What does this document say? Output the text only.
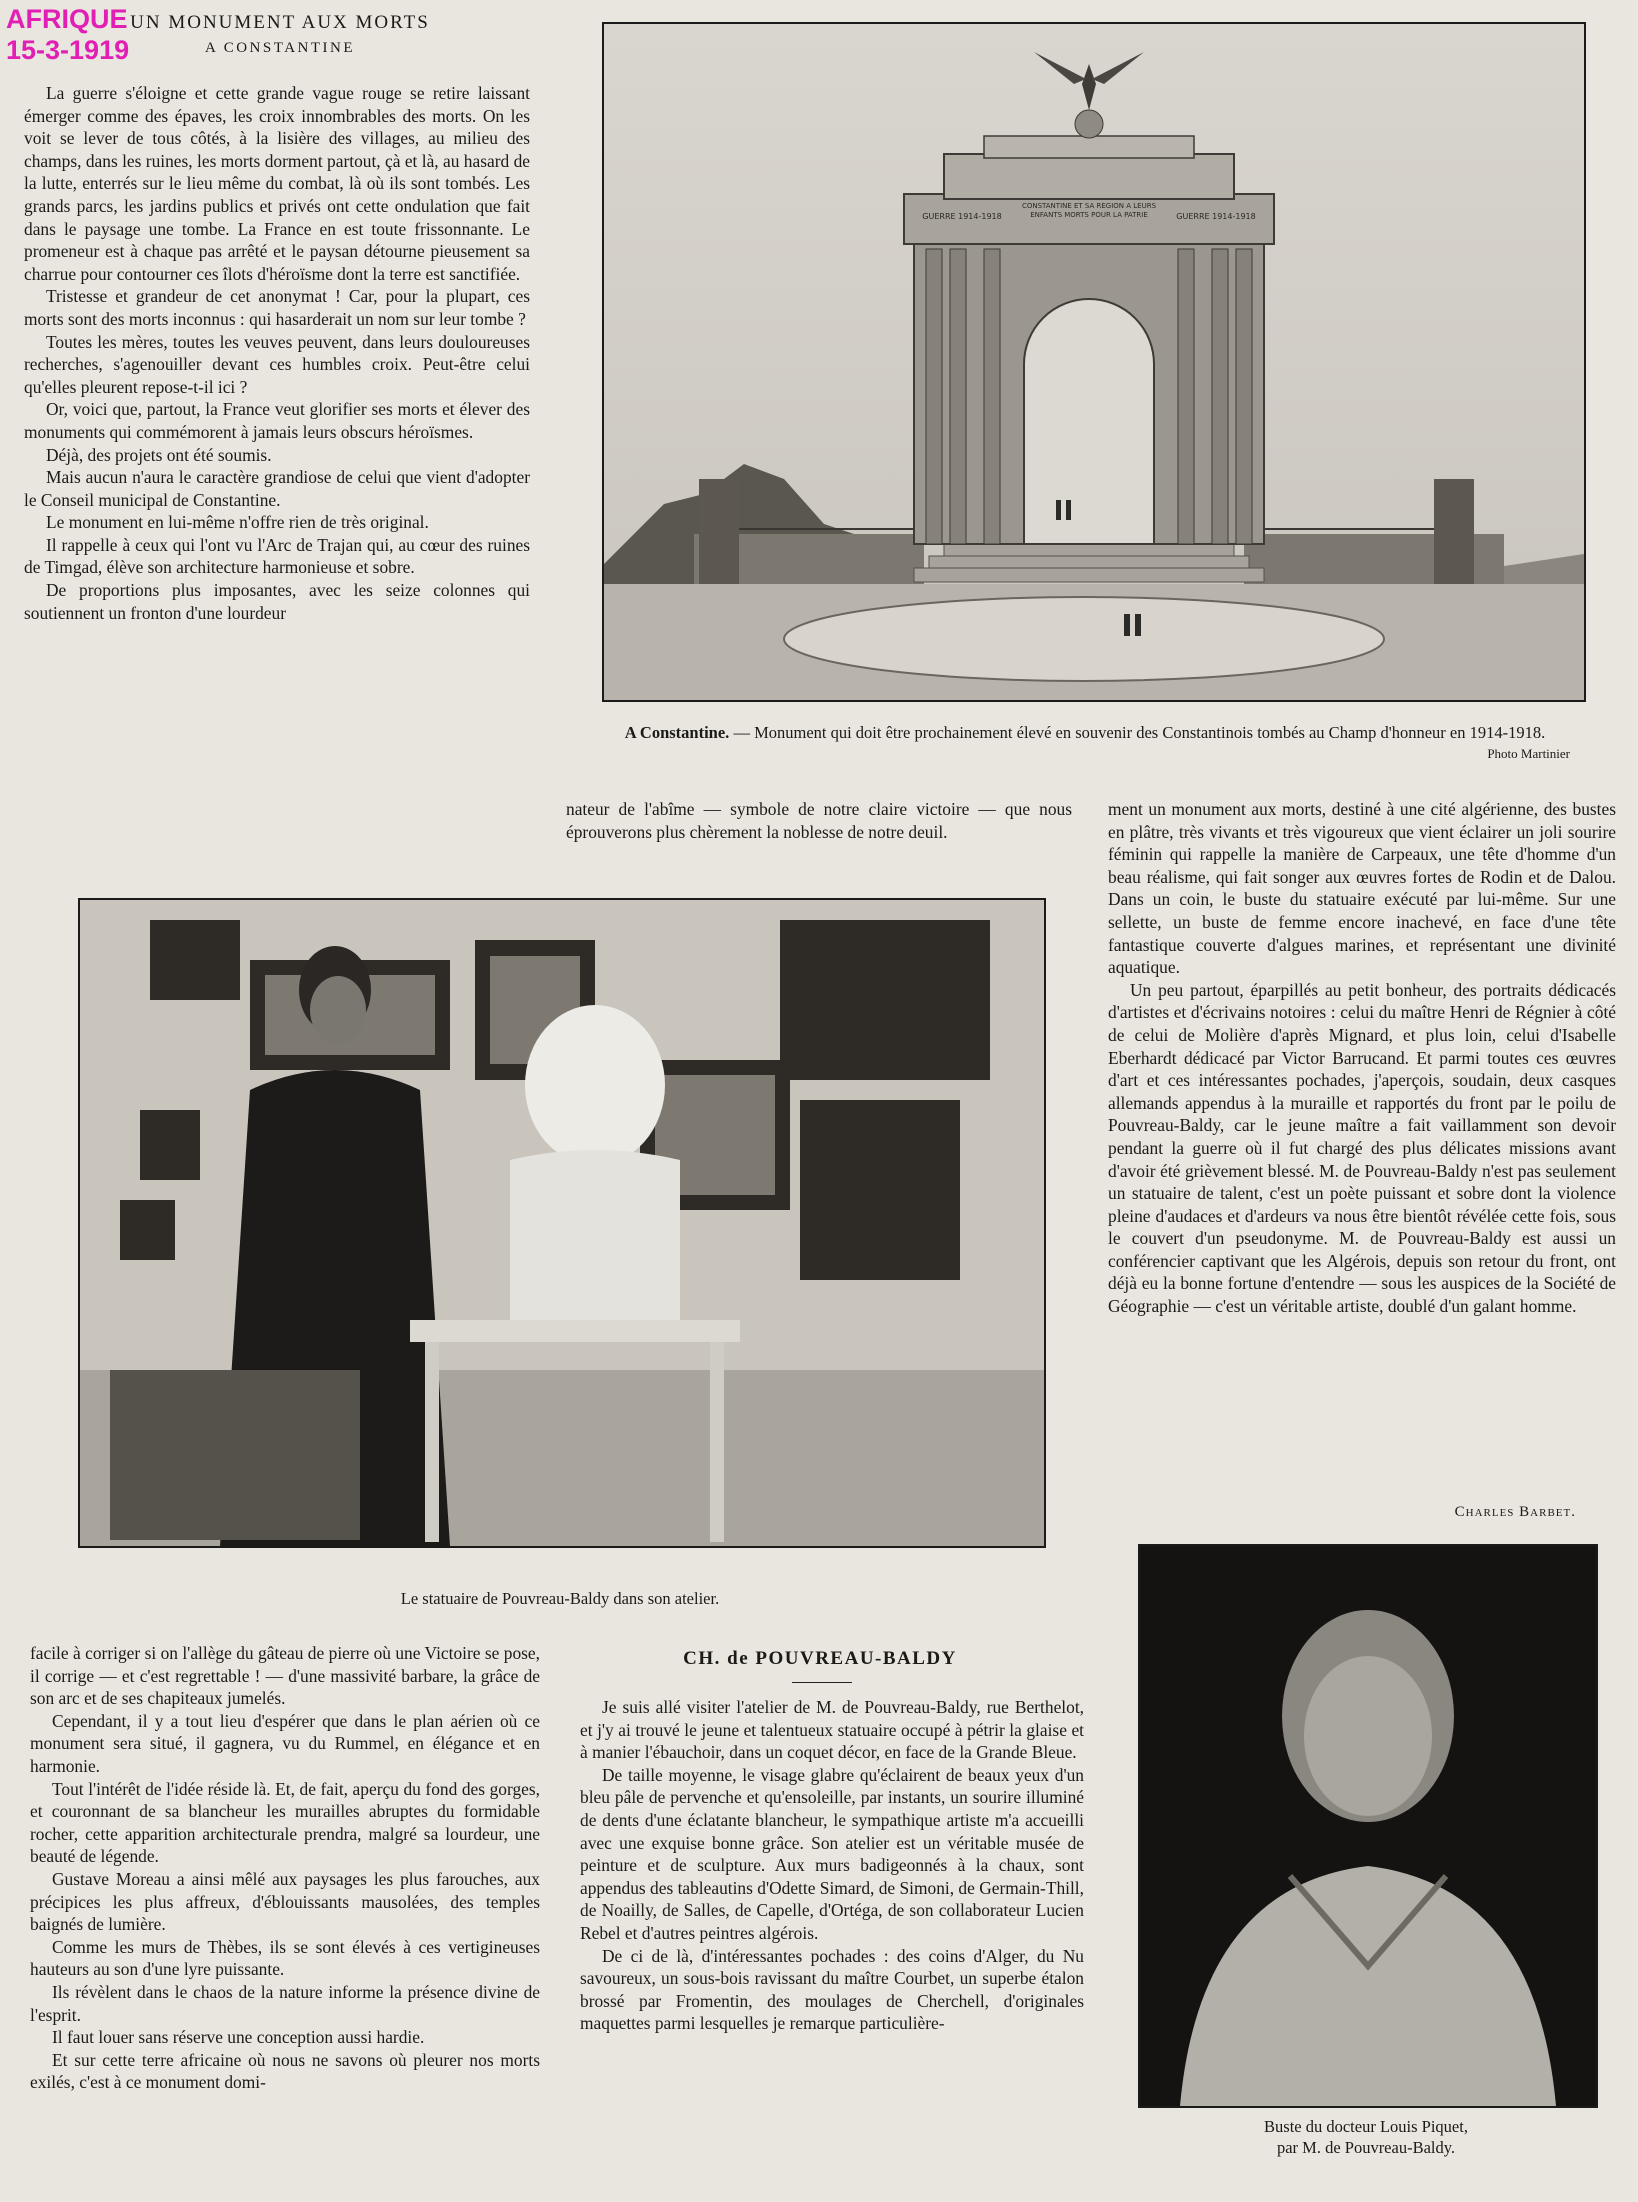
AFRIQUE
15-3-1919
UN MONUMENT AUX MORTS
A CONSTANTINE

La guerre s'éloigne et cette grande vague rouge se retire laissant émerger comme des épaves, les croix innombrables des morts. On les voit se lever de tous côtés, à la lisière des villages, au milieu des champs, dans les ruines, les morts dorment partout, çà et là, au hasard de la lutte, enterrés sur le lieu même du combat, là où ils sont tombés. Les grands parcs, les jardins publics et privés ont cette ondulation que fait dans le paysage une tombe. La France en est toute frissonnante. Le promeneur est à chaque pas arrêté et le paysan détourne pieusement sa charrue pour contourner ces îlots d'héroïsme dont la terre est sanctifiée.

Tristesse et grandeur de cet anonymat ! Car, pour la plupart, ces morts sont des morts inconnus : qui hasarderait un nom sur leur tombe ?

Toutes les mères, toutes les veuves peuvent, dans leurs douloureuses recherches, s'agenouiller devant ces humbles croix. Peut-être celui qu'elles pleurent repose-t-il ici ?

Or, voici que, partout, la France veut glorifier ses morts et élever des monuments qui commémorent à jamais leurs obscurs héroïsmes.

Déjà, des projets ont été soumis.

Mais aucun n'aura le caractère grandiose de celui que vient d'adopter le Conseil municipal de Constantine.

Le monument en lui-même n'offre rien de très original.

Il rappelle à ceux qui l'ont vu l'Arc de Trajan qui, au cœur des ruines de Timgad, élève son architecture harmonieuse et sobre.

De proportions plus imposantes, avec les seize colonnes qui soutiennent un fronton d'une lourdeur

GUERRE 1914-1918	GUERRE 1914-1918
CONSTANTINE ET SA RÉGION A LEURS ENFANTS MORTS POUR LA PATRIE
A Constantine. — Monument qui doit être prochainement élevé en souvenir des Constantinois tombés au Champ d'honneur en 1914-1918.
Photo Martinier

nateur de l'abîme — symbole de notre claire victoire — que nous éprouverons plus chèrement la noblesse de notre deuil.

ment un monument aux morts, destiné à une cité algérienne, des bustes en plâtre, très vivants et très vigoureux que vient éclairer un joli sourire féminin qui rappelle la manière de Carpeaux, une tête d'homme d'un beau réalisme, qui fait songer aux œuvres fortes de Rodin et de Dalou. Dans un coin, le buste du statuaire exécuté par lui-même. Sur une sellette, un buste de femme encore inachevé, en face d'une tête fantastique couverte d'algues marines, et représentant une divinité aquatique.

Un peu partout, éparpillés au petit bonheur, des portraits dédicacés d'artistes et d'écrivains notoires : celui du maître Henri de Régnier à côté de celui de Molière d'après Mignard, et plus loin, celui d'Isabelle Eberhardt dédicacé par Victor Barrucand. Et parmi toutes ces œuvres d'art et ces intéressantes pochades, j'aperçois, soudain, deux casques allemands appendus à la muraille et rapportés du front par le poilu de Pouvreau-Baldy, car le jeune maître a fait vaillamment son devoir pendant la guerre où il fut chargé des plus délicates missions avant d'avoir été grièvement blessé. M. de Pouvreau-Baldy n'est pas seulement un statuaire de talent, c'est un poète puissant et sobre dont la violence pleine d'audaces et d'ardeurs va nous être bientôt révélée cette fois, sous le couvert d'un pseudonyme. M. de Pouvreau-Baldy est aussi un conférencier captivant que les Algérois, depuis son retour du front, ont déjà eu la bonne fortune d'entendre — sous les auspices de la Société de Géographie — c'est un véritable artiste, doublé d'un galant homme.

Charles Barbet.
Le statuaire de Pouvreau-Baldy dans son atelier.

facile à corriger si on l'allège du gâteau de pierre où une Victoire se pose, il corrige — et c'est regrettable ! — d'une massivité barbare, la grâce de son arc et de ses chapiteaux jumelés.

Cependant, il y a tout lieu d'espérer que dans le plan aérien où ce monument sera situé, il gagnera, vu du Rummel, en élégance et en harmonie.

Tout l'intérêt de l'idée réside là. Et, de fait, aperçu du fond des gorges, et couronnant de sa blancheur les murailles abruptes du formidable rocher, cette apparition architecturale prendra, malgré sa lourdeur, une beauté de légende.

Gustave Moreau a ainsi mêlé aux paysages les plus farouches, aux précipices les plus affreux, d'éblouissants mausolées, des temples baignés de lumière.

Comme les murs de Thèbes, ils se sont élevés à ces vertigineuses hauteurs au son d'une lyre puissante.

Ils révèlent dans le chaos de la nature informe la présence divine de l'esprit.

Il faut louer sans réserve une conception aussi hardie.

Et sur cette terre africaine où nous ne savons où pleurer nos morts exilés, c'est à ce monument domi-

CH. de POUVREAU-BALDY

Je suis allé visiter l'atelier de M. de Pouvreau-Baldy, rue Berthelot, et j'y ai trouvé le jeune et talentueux statuaire occupé à pétrir la glaise et à manier l'ébauchoir, dans un coquet décor, en face de la Grande Bleue.

De taille moyenne, le visage glabre qu'éclairent de beaux yeux d'un bleu pâle de pervenche et qu'ensoleille, par instants, un sourire illuminé de dents d'une éclatante blancheur, le sympathique artiste m'a accueilli avec une exquise bonne grâce. Son atelier est un véritable musée de peinture et de sculpture. Aux murs badigeonnés à la chaux, sont appendus des tableautins d'Odette Simard, de Simoni, de Germain-Thill, de Noailly, de Salles, de Capelle, d'Ortéga, de son collaborateur Lucien Rebel et d'autres peintres algérois.

De ci de là, d'intéressantes pochades : des coins d'Alger, du Nu savoureux, un sous-bois ravissant du maître Courbet, un superbe étalon brossé par Fromentin, des moulages de Cherchell, d'originales maquettes parmi lesquelles je remarque particulière-

Buste du docteur Louis Piquet,
par M. de Pouvreau-Baldy.
